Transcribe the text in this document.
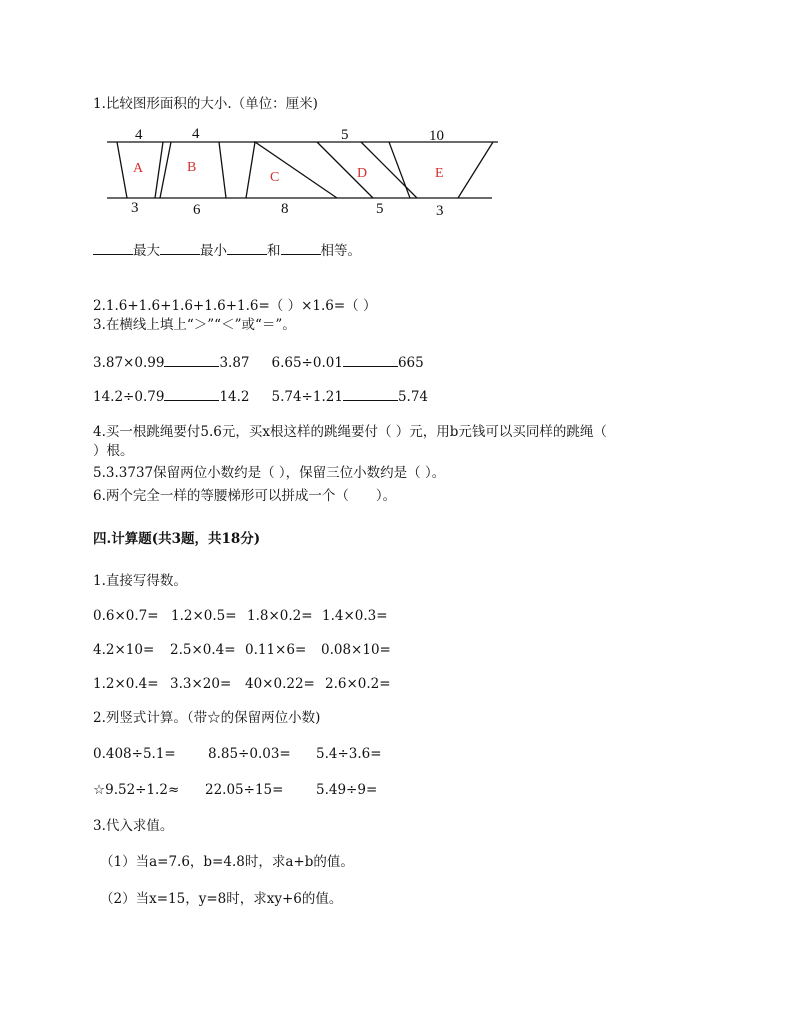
1.比较图形面积的大小.（单位：厘米)
4	4	5	10
3	6	8	5	3
A	B
C	D	E
最大	最小	和	相等。
2.1.6+1.6+1.6+1.6+1.6=（ ）×1.6=（ ）
3.在横线上填上“＞”“＜”或“＝”。
3.87×0.99	3.87 6.65÷0.01	665
14.2÷0.79	14.2 5.74÷1.21	5.74
4.买一根跳绳要付5.6元，买x根这样的跳绳要付（ ）元，用b元钱可以买同样的跳绳（
）根。
5.3.3737保留两位小数约是（ ），保留三位小数约是（ ）。
6.两个完全一样的等腰梯形可以拼成一个（　　）。
四.计算题(共3题，共18分)
1.直接写得数。
0.6×0.7= 1.2×0.5= 1.8×0.2= 1.4×0.3=
4.2×10= 2.5×0.4= 0.11×6= 0.08×10=
1.2×0.4= 3.3×20= 40×0.22= 2.6×0.2=
2.列竖式计算。（带☆的保留两位小数)
0.408÷5.1= 8.85÷0.03= 5.4÷3.6=
☆9.52÷1.2≈ 22.05÷15= 5.49÷9=
3.代入求值。
（1）当a=7.6，b=4.8时，求a+b的值。
（2）当x=15，y=8时，求xy+6的值。
